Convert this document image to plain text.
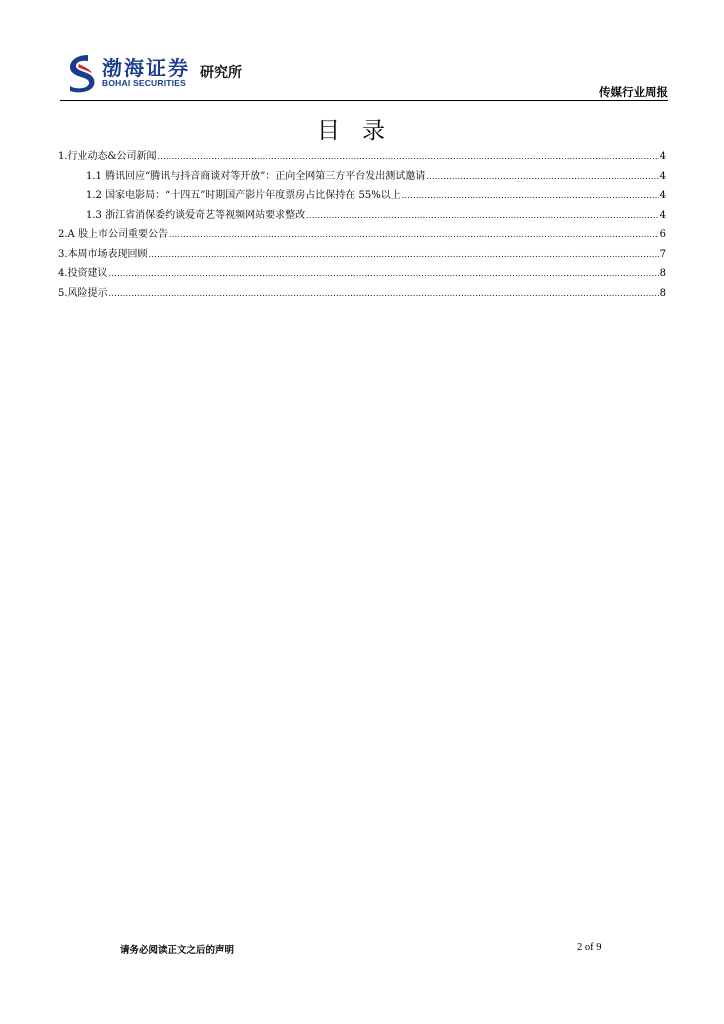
渤海证券
BOHAI SECURITIES
研究所
传媒行业周报
目录
1.行业动态&公司新闻 .....	4
1.1 腾讯回应“腾讯与抖音商谈对等开放”：正向全网第三方平台发出测试邀请 .....	4
1.2 国家电影局：“十四五”时期国产影片年度票房占比保持在 55%以上 .....	4
1.3 浙江省消保委约谈爱奇艺等视频网站要求整改 .....	4
2.A 股上市公司重要公告 .....	6
3.本周市场表现回顾 .....	7
4.投资建议 .....	8
5.风险提示 .....	8
请务必阅读正文之后的声明	2 of 9
